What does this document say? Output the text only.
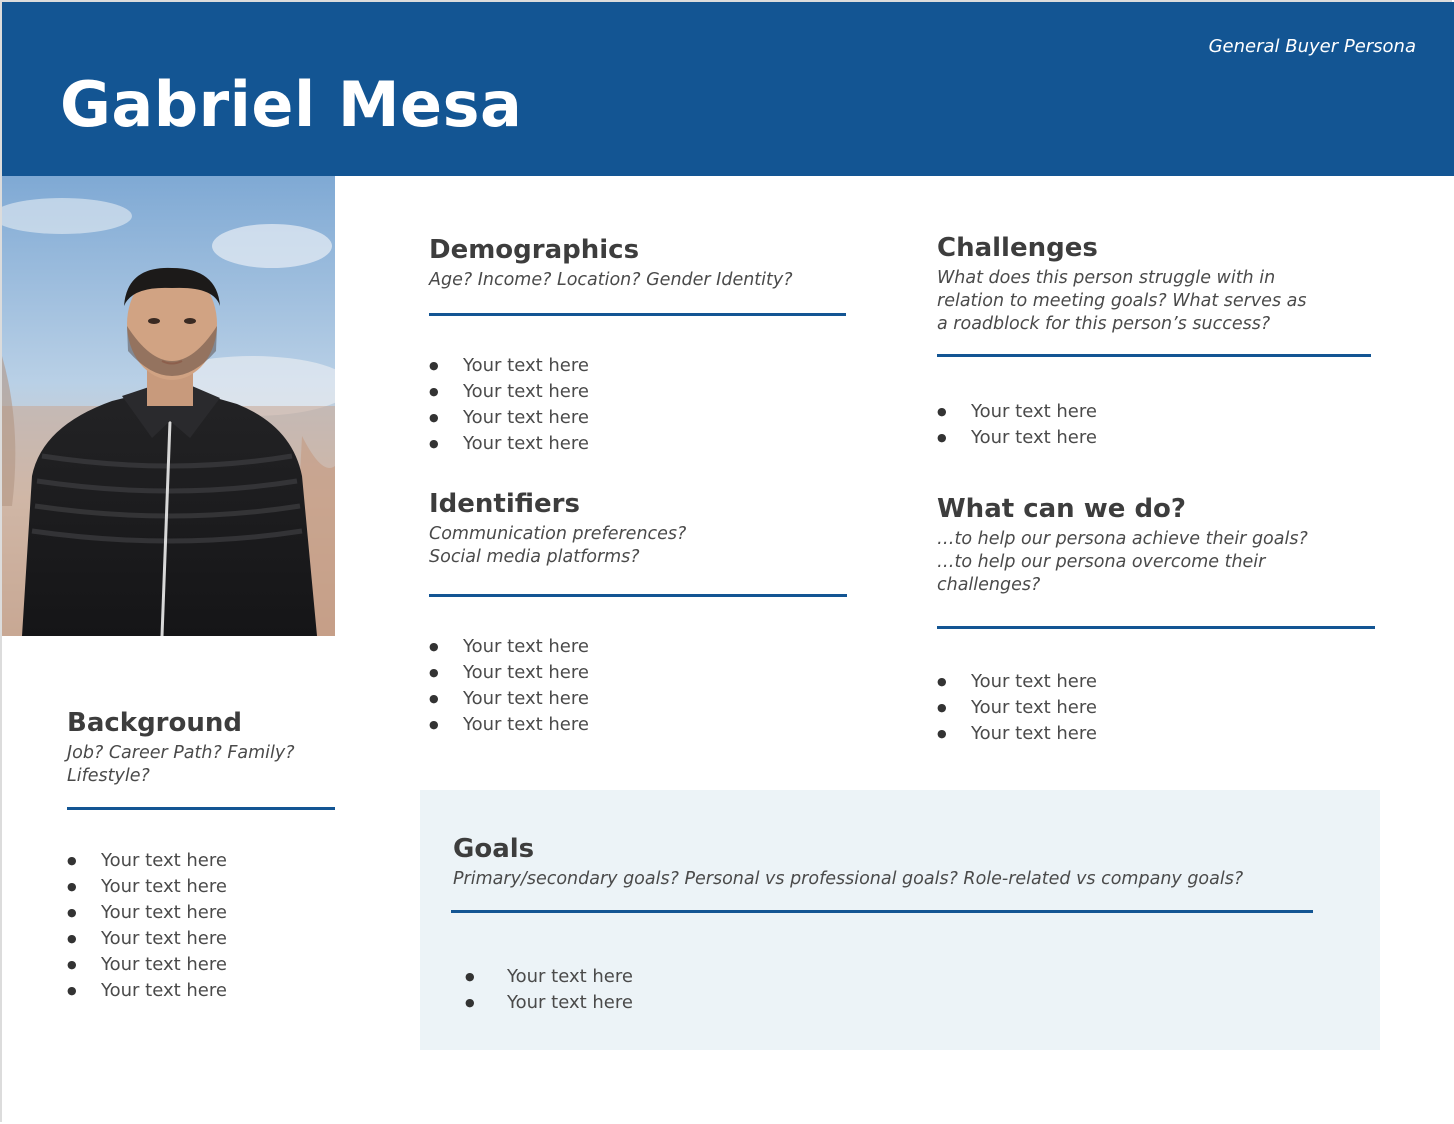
General Buyer Persona
Gabriel Mesa
Background
Job? Career Path? Family?
Lifestyle?
● Your text here
● Your text here
● Your text here
● Your text here
● Your text here
● Your text here
Demographics
Age? Income? Location? Gender Identity?
● Your text here
● Your text here
● Your text here
● Your text here
Identifiers
Communication preferences?
Social media platforms?
● Your text here
● Your text here
● Your text here
● Your text here
Challenges
What does this person struggle with in
relation to meeting goals? What serves as
a roadblock for this person’s success?
● Your text here
● Your text here
What can we do?
…to help our persona achieve their goals?
…to help our persona overcome their
challenges?
● Your text here
● Your text here
● Your text here
Goals
Primary/secondary goals? Personal vs professional goals? Role-related vs company goals?
● Your text here
● Your text here
